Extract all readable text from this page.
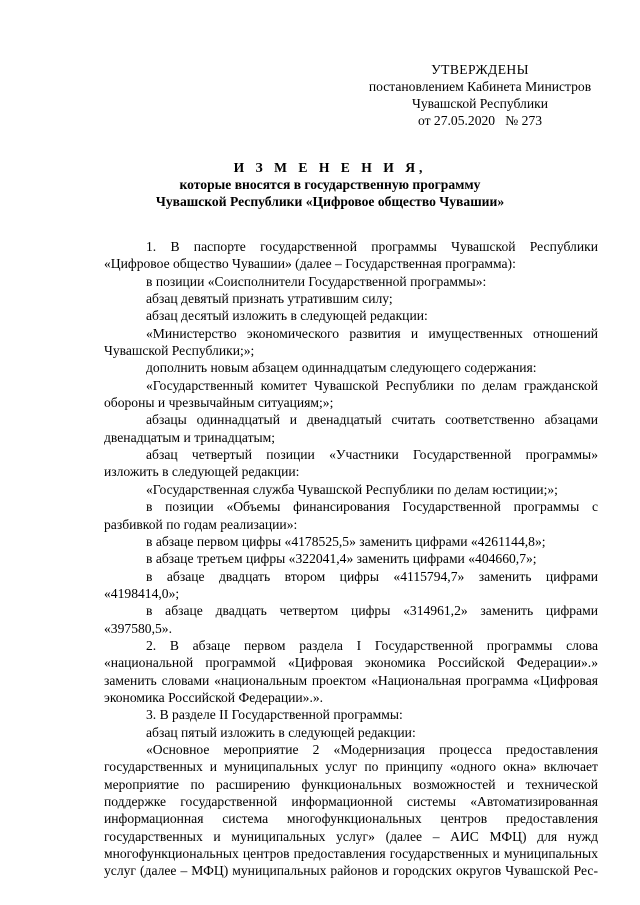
УТВЕРЖДЕНЫ
постановлением Кабинета Министров
Чувашской Республики
от 27.05.2020   № 273
И З М Е Н Е Н И Я,
которые вносятся в государственную программу
Чувашской Республики «Цифровое общество Чувашии»

1. В паспорте государственной программы Чувашской Республики «Цифровое общество Чувашии» (далее – Государственная программа):

в позиции «Соисполнители Государственной программы»:

абзац девятый признать утратившим силу;

абзац десятый изложить в следующей редакции:

«Министерство экономического развития и имущественных отношений Чувашской Республики;»;

дополнить новым абзацем одиннадцатым следующего содержания:

«Государственный комитет Чувашской Республики по делам гражданской обороны и чрезвычайным ситуациям;»;

абзацы одиннадцатый и двенадцатый считать соответственно абзацами двенадцатым и тринадцатым;

абзац четвертый позиции «Участники Государственной программы» изложить в следующей редакции:

«Государственная служба Чувашской Республики по делам юстиции;»;

в позиции «Объемы финансирования Государственной программы с разбивкой по годам реализации»:

в абзаце первом цифры «4178525,5» заменить цифрами «4261144,8»;

в абзаце третьем цифры «322041,4» заменить цифрами «404660,7»;

в абзаце двадцать втором цифры «4115794,7» заменить цифрами «4198414,0»;

в абзаце двадцать четвертом цифры «314961,2» заменить цифрами «397580,5».

2. В абзаце первом раздела I Государственной программы слова «национальной программой «Цифровая экономика Российской Федерации».» заменить словами «национальным проектом «Национальная программа «Цифровая экономика Российской Федерации».».

3. В разделе II Государственной программы:

абзац пятый изложить в следующей редакции:

«Основное мероприятие 2 «Модернизация процесса предоставления государственных и муниципальных услуг по принципу «одного окна» включает мероприятие по расширению функциональных возможностей и технической поддержке государственной информационной системы «Автоматизированная информационная система многофункциональных центров предоставления государственных и муниципальных услуг» (далее – АИС МФЦ) для нужд многофункциональных центров предоставления государственных и муниципальных услуг (далее – МФЦ) муниципальных районов и городских округов Чувашской Рес-
